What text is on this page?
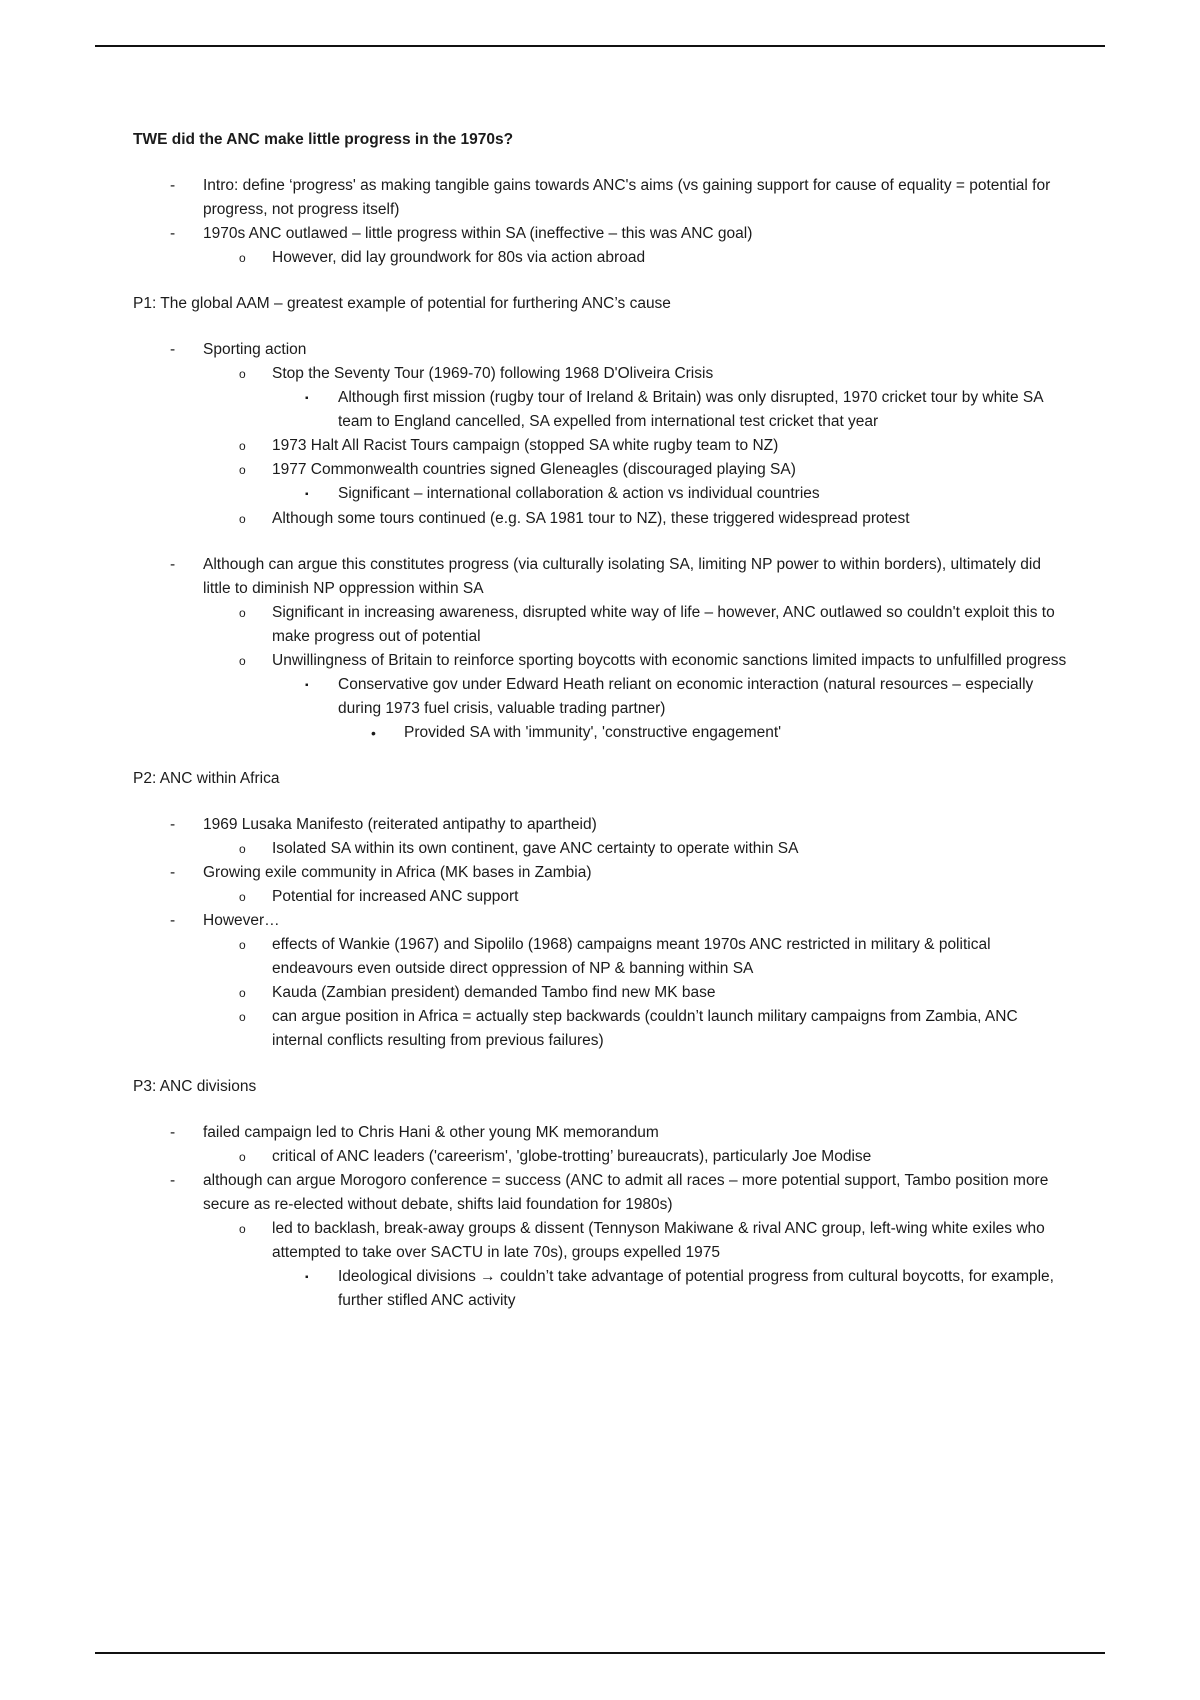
TWE did the ANC make little progress in the 1970s?
-	Intro: define ‘progress' as making tangible gains towards ANC's aims (vs gaining support for cause of equality = potential for progress, not progress itself)
-	1970s ANC outlawed – little progress within SA (ineffective – this was ANC goal)
o	However, did lay groundwork for 80s via action abroad
P1: The global AAM – greatest example of potential for furthering ANC’s cause
-	Sporting action
o	Stop the Seventy Tour (1969-70) following 1968 D'Oliveira Crisis
▪	Although first mission (rugby tour of Ireland & Britain) was only disrupted, 1970 cricket tour by white SA team to England cancelled, SA expelled from international test cricket that year
o	1973 Halt All Racist Tours campaign (stopped SA white rugby team to NZ)
o	1977 Commonwealth countries signed Gleneagles (discouraged playing SA)
▪	Significant – international collaboration & action vs individual countries
o	Although some tours continued (e.g. SA 1981 tour to NZ), these triggered widespread protest
-	Although can argue this constitutes progress (via culturally isolating SA, limiting NP power to within borders), ultimately did little to diminish NP oppression within SA
o	Significant in increasing awareness, disrupted white way of life – however, ANC outlawed so couldn't exploit this to make progress out of potential
o	Unwillingness of Britain to reinforce sporting boycotts with economic sanctions limited impacts to unfulfilled progress
▪	Conservative gov under Edward Heath reliant on economic interaction (natural resources – especially during 1973 fuel crisis, valuable trading partner)
•	Provided SA with 'immunity', 'constructive engagement'
P2: ANC within Africa
-	1969 Lusaka Manifesto (reiterated antipathy to apartheid)
o	Isolated SA within its own continent, gave ANC certainty to operate within SA
-	Growing exile community in Africa (MK bases in Zambia)
o	Potential for increased ANC support
-	However…
o	effects of Wankie (1967) and Sipolilo (1968) campaigns meant 1970s ANC restricted in military & political endeavours even outside direct oppression of NP & banning within SA
o	Kauda (Zambian president) demanded Tambo find new MK base
o	can argue position in Africa = actually step backwards (couldn’t launch military campaigns from Zambia, ANC internal conflicts resulting from previous failures)
P3: ANC divisions
-	failed campaign led to Chris Hani & other young MK memorandum
o	critical of ANC leaders ('careerism', 'globe-trotting’ bureaucrats), particularly Joe Modise
-	although can argue Morogoro conference = success (ANC to admit all races – more potential support, Tambo position more secure as re-elected without debate, shifts laid foundation for 1980s)
o	led to backlash, break-away groups & dissent (Tennyson Makiwane & rival ANC group, left-wing white exiles who attempted to take over SACTU in late 70s), groups expelled 1975
▪	Ideological divisions → couldn’t take advantage of potential progress from cultural boycotts, for example, further stifled ANC activity
